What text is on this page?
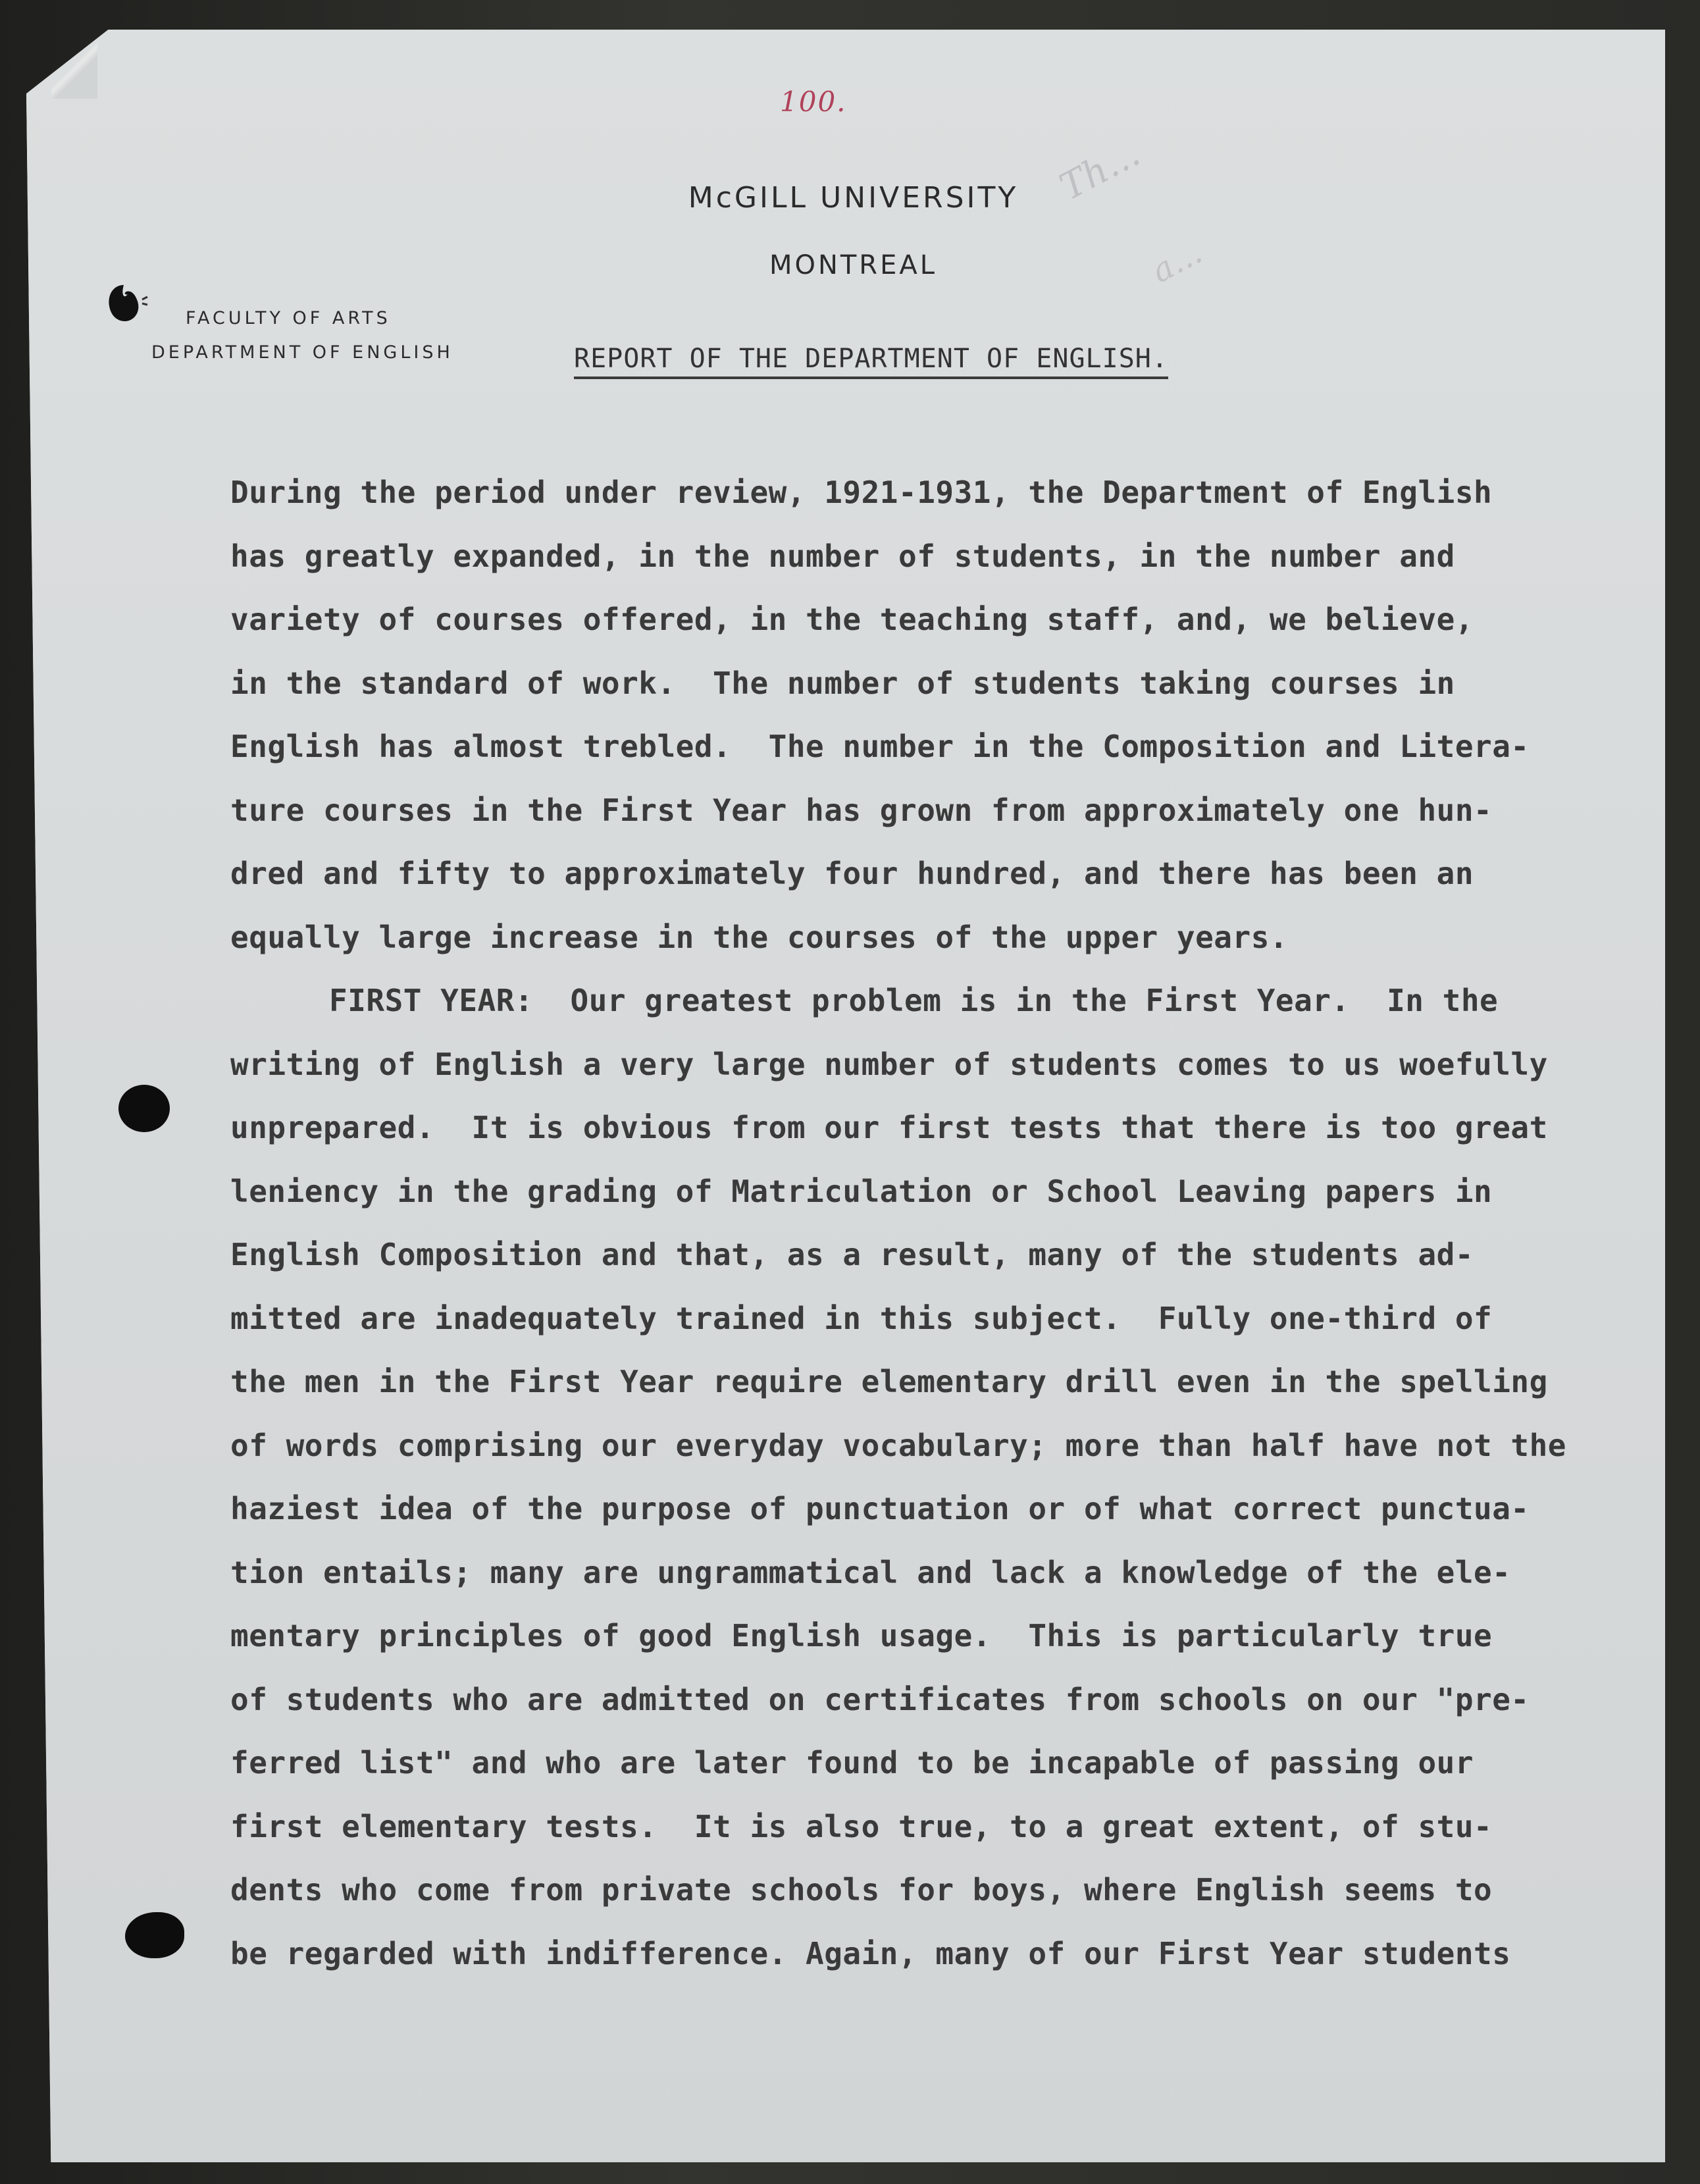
100.
Th...
a...
McGILL UNIVERSITY
MONTREAL
FACULTY OF ARTS
DEPARTMENT OF ENGLISH	REPORT OF THE DEPARTMENT OF ENGLISH.
During the period under review, 1921-1931, the Department of English
has greatly expanded, in the number of students, in the number and
variety of courses offered, in the teaching staff, and, we believe,
in the standard of work.  The number of students taking courses in
English has almost trebled.  The number in the Composition and Litera-
ture courses in the First Year has grown from approximately one hun-
dred and fifty to approximately four hundred, and there has been an
equally large increase in the courses of the upper years.
FIRST YEAR:  Our greatest problem is in the First Year.  In the
writing of English a very large number of students comes to us woefully
unprepared.  It is obvious from our first tests that there is too great
leniency in the grading of Matriculation or School Leaving papers in
English Composition and that, as a result, many of the students ad-
mitted are inadequately trained in this subject.  Fully one-third of
the men in the First Year require elementary drill even in the spelling
of words comprising our everyday vocabulary; more than half have not the
haziest idea of the purpose of punctuation or of what correct punctua-
tion entails; many are ungrammatical and lack a knowledge of the ele-
mentary principles of good English usage.  This is particularly true
of students who are admitted on certificates from schools on our "pre-
ferred list" and who are later found to be incapable of passing our
first elementary tests.  It is also true, to a great extent, of stu-
dents who come from private schools for boys, where English seems to
be regarded with indifference. Again, many of our First Year students
